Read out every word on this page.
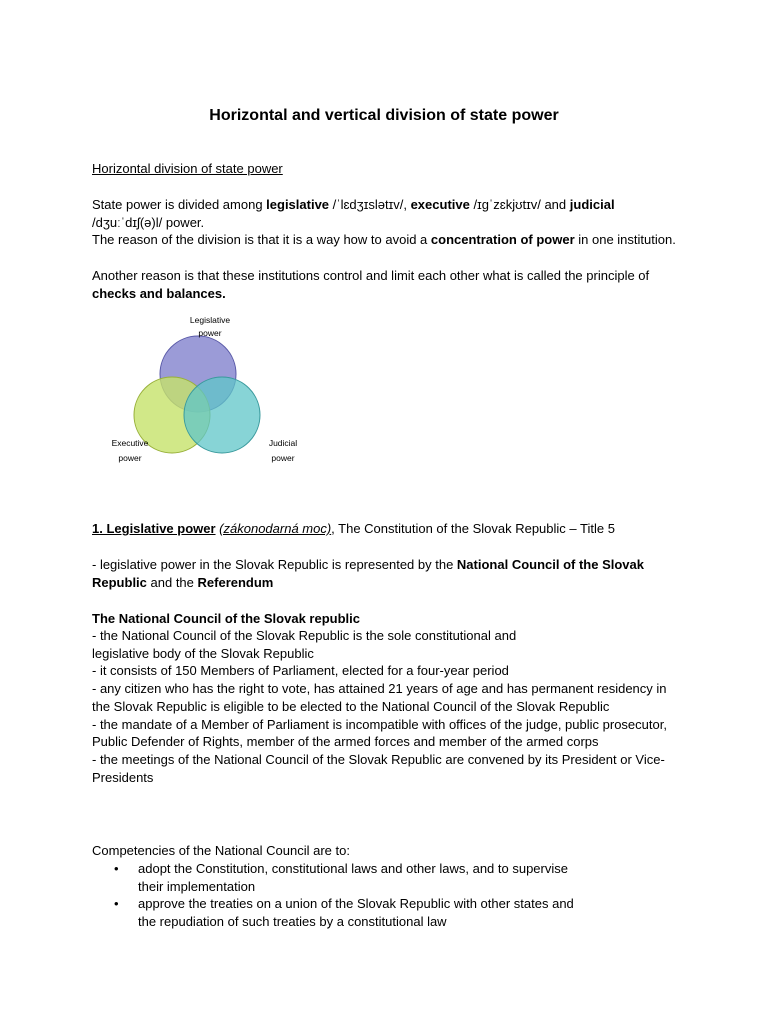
Horizontal and vertical division of state power
Horizontal division of state power
State power is divided among legislative /ˈlɛdʒɪslətɪv/, executive /ɪɡˈzɛkjʊtɪv/ and judicial
/dʒuːˈdɪʃ(ə)l/ power.
The reason of the division is that it is a way how to avoid a concentration of power in one institution.
Another reason is that these institutions control and limit each other what is called the principle of checks and balances.
Legislative
power
Executive
power
Judicial
power
1. Legislative power (zákonodarná moc), The Constitution of the Slovak Republic – Title 5
- legislative power in the Slovak Republic is represented by the National Council of the Slovak Republic and the Referendum
The National Council of the Slovak republic
- the National Council of the Slovak Republic is the sole constitutional and
legislative body of the Slovak Republic
- it consists of 150 Members of Parliament, elected for a four-year period
- any citizen who has the right to vote, has attained 21 years of age and has permanent residency in the Slovak Republic is eligible to be elected to the National Council of the Slovak Republic
- the mandate of a Member of Parliament is incompatible with offices of the judge, public prosecutor, Public Defender of Rights, member of the armed forces and member of the armed corps
- the meetings of the National Council of the Slovak Republic are convened by its President or Vice-Presidents
Competencies of the National Council are to:
• adopt the Constitution, constitutional laws and other laws, and to supervise
their implementation
• approve the treaties on a union of the Slovak Republic with other states and
the repudiation of such treaties by a constitutional law
